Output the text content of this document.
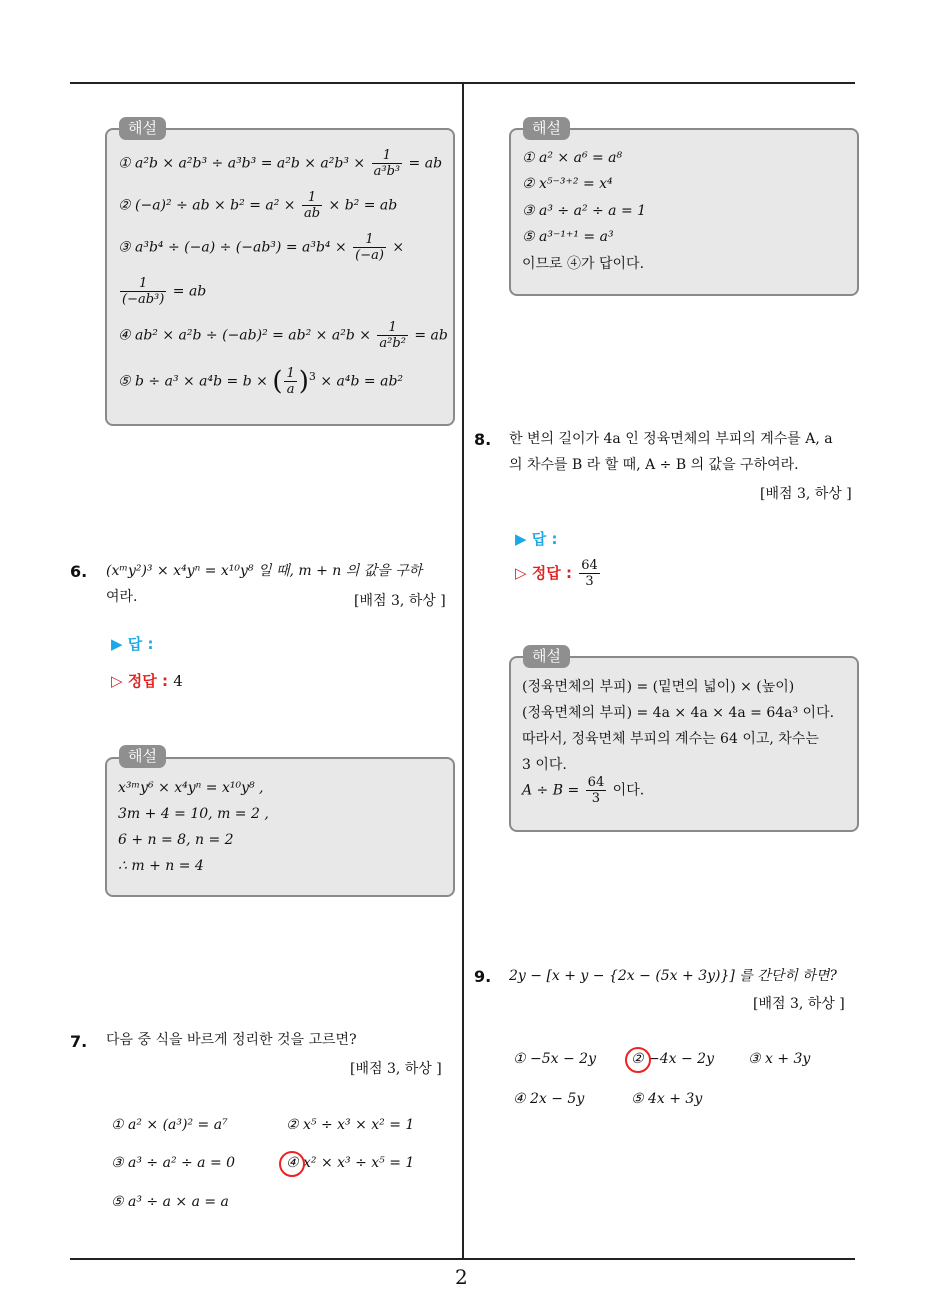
2
해설
① $a^2b \times a^2b^3 \div a^3b^3 = a^2b \times a^2b^3 \times \frac{1}{\text{a³b³}}$ = ab
② (−a)² ÷ ab × $b^2 = a^2 \times \frac{1}{ab} \times b^2$ = ab
③ $a^3b^4 \div (-a) \div (-ab^3) = a^3b^4 \times \frac{1}{(-a)}$ ×
$\frac{1}{\text{(−ab³)}}$ = ab
④ $ab^2 \times a^2b \div (-ab)^2 = ab^2 \times a^2b \times \frac{1}{\text{a²b²}}$ = ab
⑤ b ÷ a³ × a⁴b = b × ( $\frac{1}{a} )^3 \times a^4b = ab^2$
6. (xᵐy²)³ × x⁴yⁿ = x¹⁰y⁸ 일 때, m + n 의 값을 구하
여라.	[배점 3, 하상 ]
▶ 답 :
▷ 정답 : 4
해설
x³ᵐy⁶ × x⁴yⁿ = x¹⁰y⁸ ,
3m + 4 = 10, m = 2 ,
6 + n = 8, n = 2
∴ m + n = 4
7. 다음 중 식을 바르게 정리한 것을 고르면?
[배점 3, 하상 ]
① a² × (a³)² = a⁷	② x⁵ ÷ x³ × x² = 1
③ a³ ÷ a² ÷ a = 0	④ x² × x³ ÷ x⁵ = 1
⑤ a³ ÷ a × a = a
해설
① a² × a⁶ = a⁸
② x⁵⁻³⁺² = x⁴
③ a³ ÷ a² ÷ a = 1
⑤ a³⁻¹⁺¹ = a³
이므로 ④가 답이다.
8. 한 변의 길이가 4a 인 정육면체의 부피의 계수를 A, a
의 차수를 B 라 할 때, A ÷ B 의 값을 구하여라.
[배점 3, 하상 ]
▶ 답 :
▷ 정답 : $\frac{64}{3}$
해설
(정육면체의 부피) = (밑면의 넓이) × (높이)
(정육면체의 부피) = 4a × 4a × 4a = 64a³ 이다.
따라서, 정육면체 부피의 계수는 64 이고, 차수는
3 이다.
$A \div B = \frac{64}{3}$ 이다.
9. 2y − [x + y − {2x − (5x + 3y)}] 를 간단히 하면?
[배점 3, 하상 ]
① −5x − 2y	② −4x − 2y ③ x + 3y
④ 2x − 5y	⑤ 4x + 3y
